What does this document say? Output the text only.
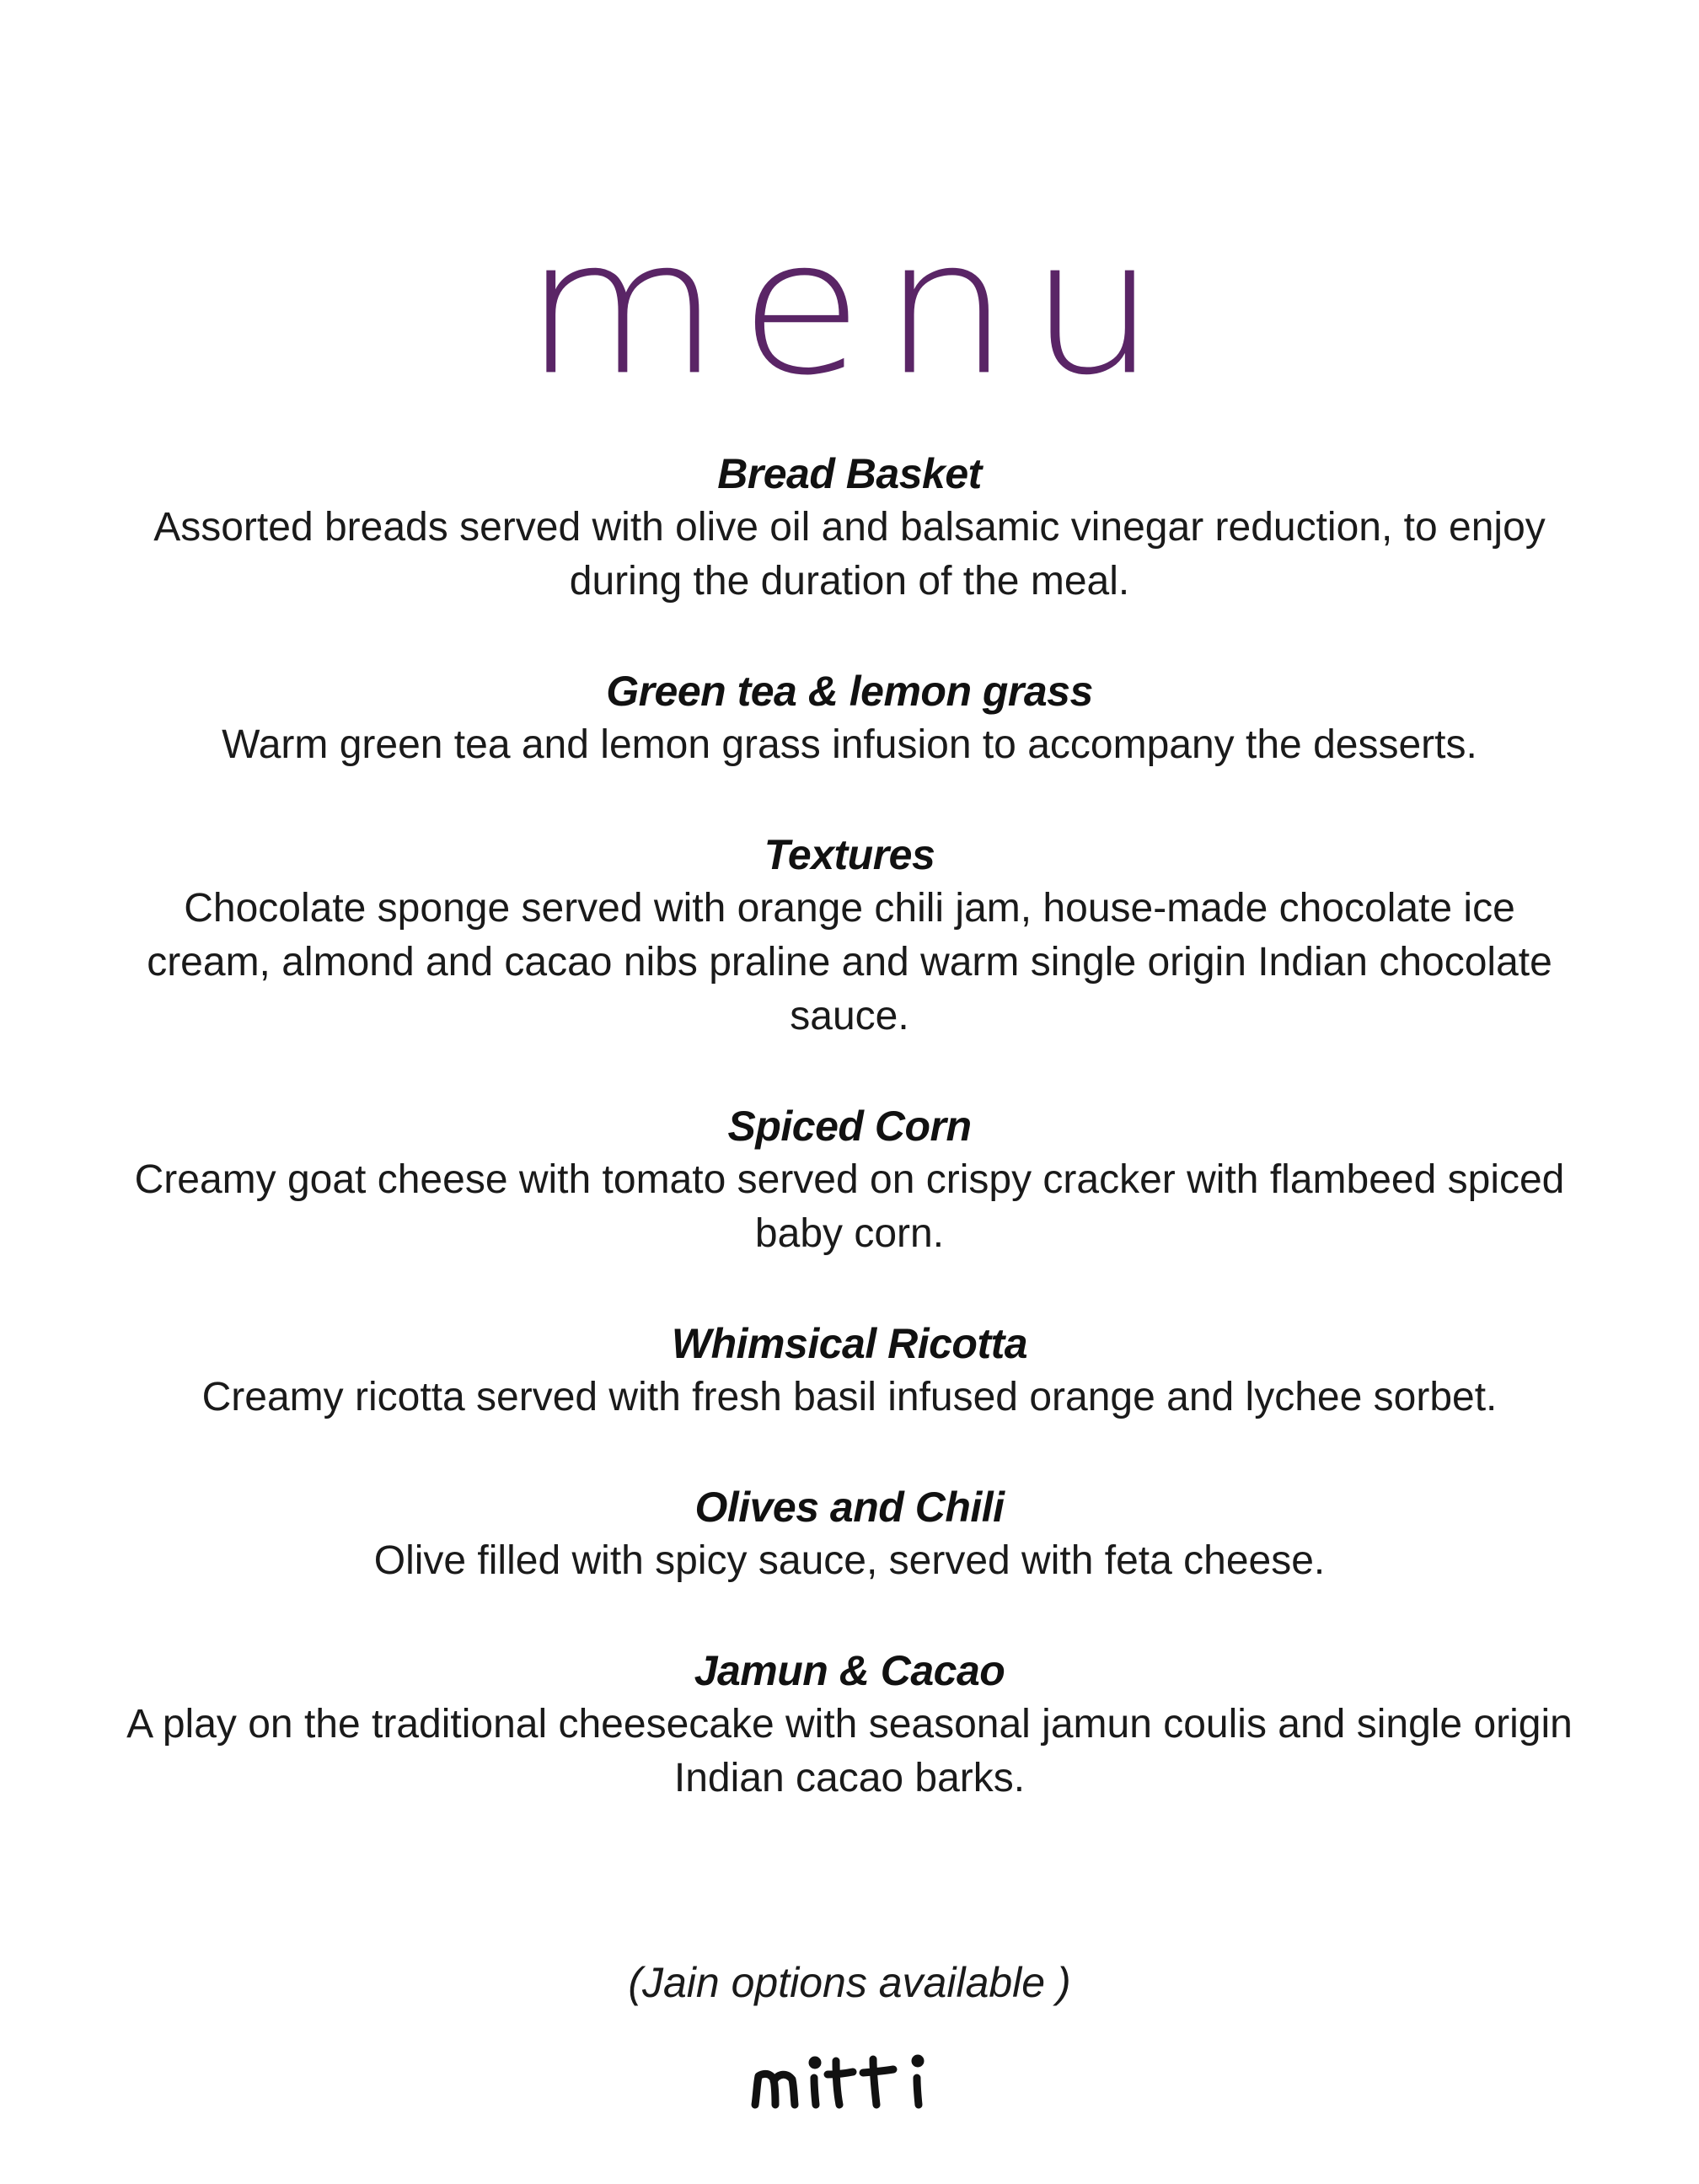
menu

Bread Basket

Assorted breads served with olive oil and balsamic vinegar reduction, to enjoy during the duration of the meal.

Green tea & lemon grass

Warm green tea and lemon grass infusion to accompany the desserts.

Textures

Chocolate sponge served with orange chili jam, house-made chocolate ice cream, almond and cacao nibs praline and warm single origin Indian chocolate sauce.

Spiced Corn

Creamy goat cheese with tomato served on crispy cracker with flambeed spiced baby corn.

Whimsical Ricotta

Creamy ricotta served with fresh basil infused orange and lychee sorbet.

Olives and Chili

Olive filled with spicy sauce, served with feta cheese.

Jamun & Cacao

A play on the traditional cheesecake with seasonal jamun coulis and single origin Indian cacao barks.

(Jain options available )
